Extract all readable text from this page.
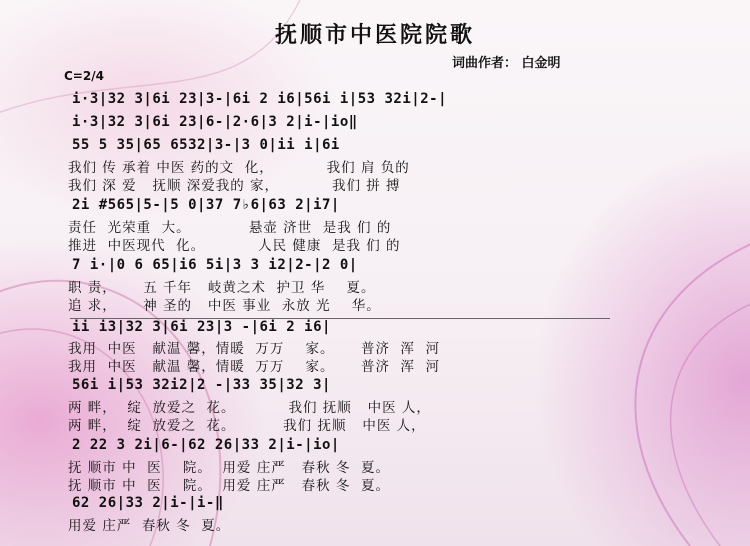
抚顺市中医院院歌
词曲作者： 白金明
C=2/4
i·3|32 3|6i 23|3-|6i 2 i6|56i i|53 32i|2-|
i·3|32 3|6i 23|6-|2·6|3 2|i-|io‖
55 5 35|65 6532|3-|3 0|ii i|6i
我们 传 承着 中医 药的文  化，          我们 肩 负的
我们 深 爱   抚顺 深爱我的 家，          我们 拼 搏
2i #565|5-|5 0|37 7♭6|63 2|i7|
责任  光荣重  大。           悬壶 济世  是我 们 的
推进  中医现代  化。          人民 健康  是我 们 的
7 i·|0 6 65|i6 5i|3 3 i2|2-|2 0|
职 责，     五 千年   岐黄之术  护卫 华    夏。
追 求，     神 圣的   中医 事业  永放 光    华。
ii i3|32 3|6i 23|3 -|6i 2 i6|
我用  中医   献温 馨，情暖  万万    家。     普济  浑  河
我用  中医   献温 馨，情暖  万万    家。     普济  浑  河
56i i|53 32i2|2 -|33 35|32 3|
两 畔，  绽  放爱之  花。          我们 抚顺   中医 人，
两 畔，  绽  放爱之  花。         我们 抚顺   中医 人，
2 22 3 2i|6-|62 26|33 2|i-|io|
抚 顺市 中  医    院。  用爱 庄严   春秋 冬  夏。
抚 顺市 中  医    院。  用爱 庄严   春秋 冬  夏。
62 26|33 2|i-|i-‖
用爱 庄严  春秋 冬  夏。
